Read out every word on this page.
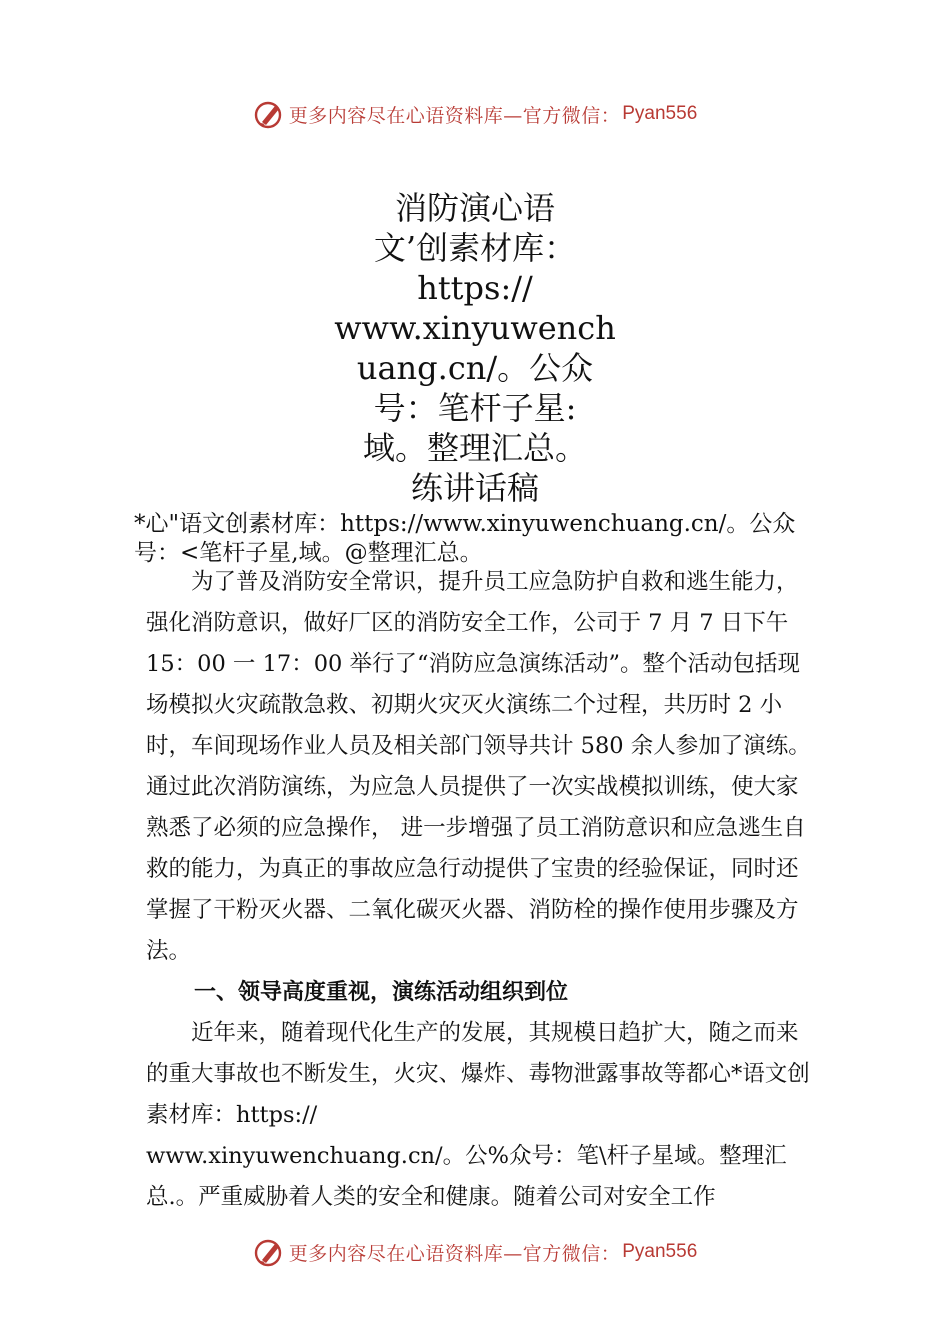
更多内容尽在心语资料库—官方微信： Pyan556
消防演心语
文’创素材库：
https://
www.xinyuwench
uang.cn/。公众
号：笔杆子星:
域。整理汇总。
练讲话稿
*心"语文创素材库：https://www.xinyuwenchuang.cn/。公众号：<笔杆子星,域。@整理汇总。

为了普及消防安全常识，提升员工应急防护自救和逃生能力，强化消防意识，做好厂区的消防安全工作，公司于 7 月 7 日下午 15：00 一 17：00 举行了“消防应急演练活动”。整个活动包括现场模拟火灾疏散急救、初期火灾灭火演练二个过程，共历时 2 小时，车间现场作业人员及相关部门领导共计 580 余人参加了演练。通过此次消防演练，为应急人员提供了一次实战模拟训练，使大家熟悉了必须的应急操作， 进一步增强了员工消防意识和应急逃生自救的能力，为真正的事故应急行动提供了宝贵的经验保证，同时还掌握了干粉灭火器、二氧化碳灭火器、消防栓的操作使用步骤及方法。

一、领导高度重视，演练活动组织到位

近年来，随着现代化生产的发展，其规模日趋扩大，随之而来的重大事故也不断发生，火灾、爆炸、毒物泄露事故等都心*语文创素材库：https://

www.xinyuwenchuang.cn/。公%众号：笔\杆子星域。整理汇总.。严重威胁着人类的安全和健康。随着公司对安全工作

更多内容尽在心语资料库—官方微信： Pyan556
